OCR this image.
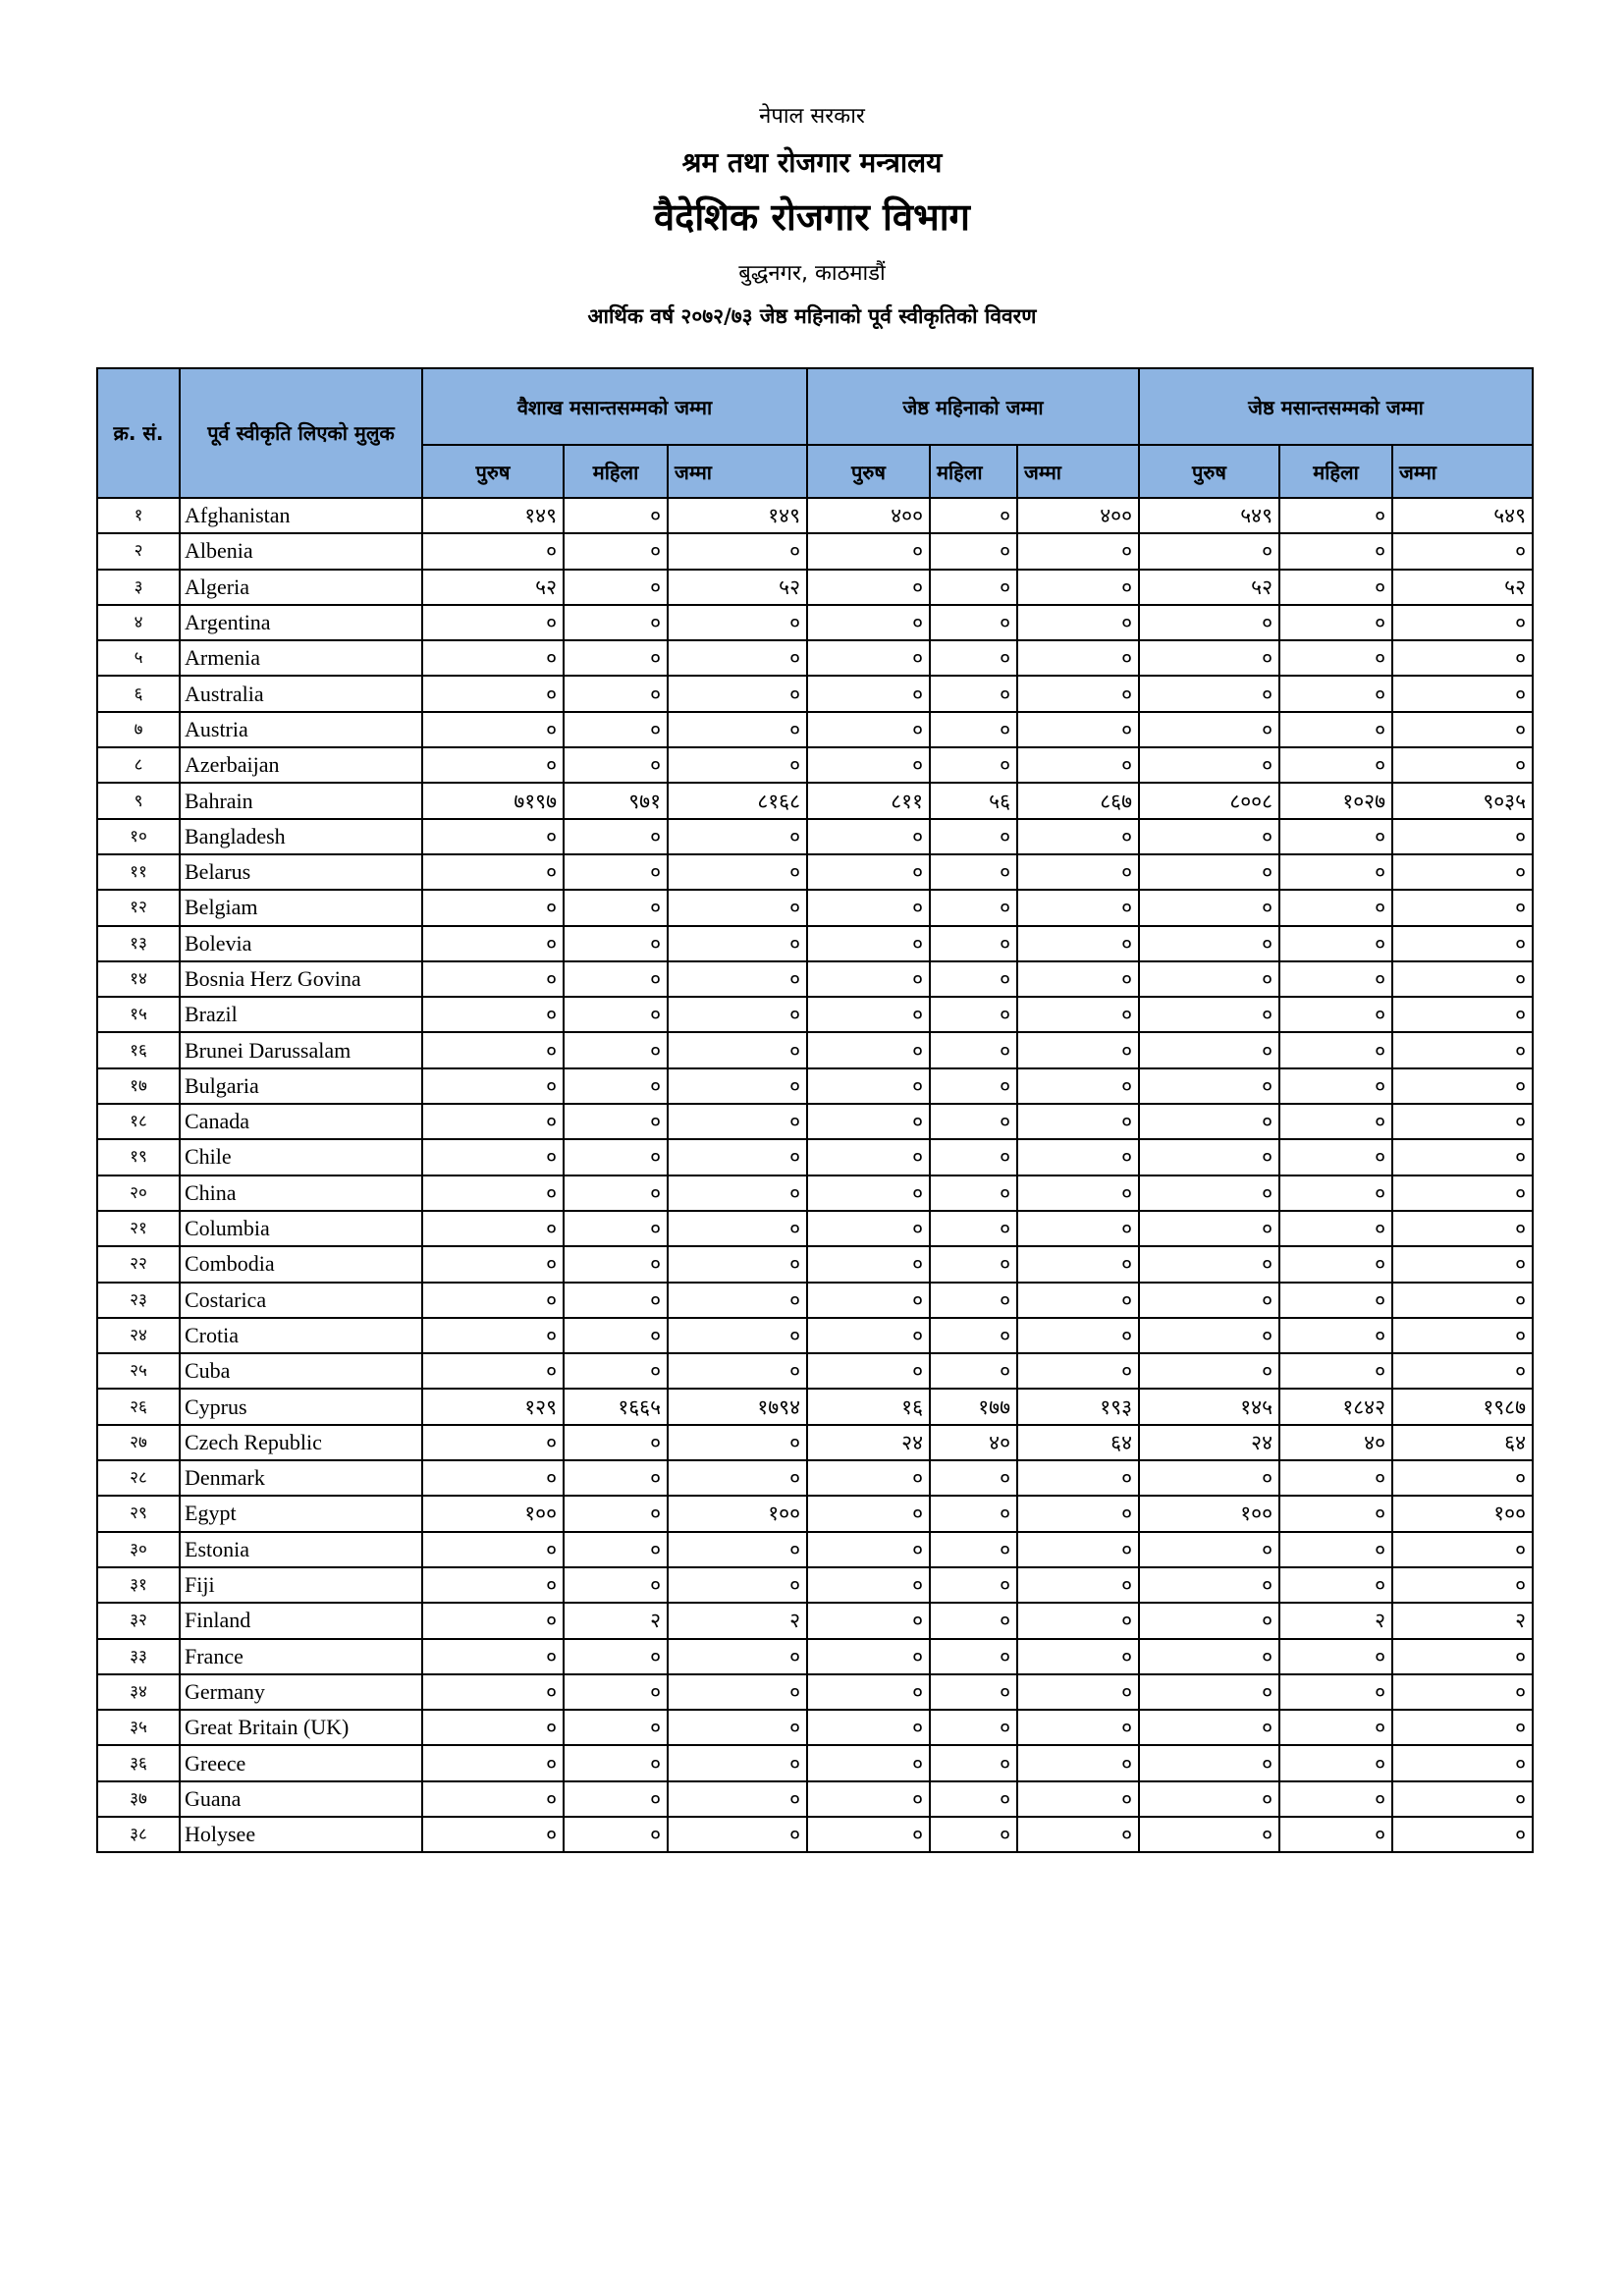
नेपाल सरकार
श्रम तथा रोजगार मन्त्रालय
वैदेशिक रोजगार विभाग
बुद्धनगर, काठमाडौं
आर्थिक वर्ष २०७२/७३ जेष्ठ महिनाको पूर्व स्वीकृतिको विवरण
क्र. सं.	पूर्व स्वीकृति लिएको मुलुक	वैशाख मसान्तसम्मको जम्मा			जेष्ठ महिनाको जम्मा			जेष्ठ मसान्तसम्मको जम्मा		
		पुरुष	महिला	जम्मा	पुरुष	महिला	जम्मा	पुरुष	महिला	जम्मा
१	Afghanistan	१४९	०	१४९	४००	०	४००	५४९	०	५४९
२	Albenia	०	०	०	०	०	०	०	०	०
३	Algeria	५२	०	५२	०	०	०	५२	०	५२
४	Argentina	०	०	०	०	०	०	०	०	०
५	Armenia	०	०	०	०	०	०	०	०	०
६	Australia	०	०	०	०	०	०	०	०	०
७	Austria	०	०	०	०	०	०	०	०	०
८	Azerbaijan	०	०	०	०	०	०	०	०	०
९	Bahrain	७१९७	९७१	८१६८	८११	५६	८६७	८००८	१०२७	९०३५
१०	Bangladesh	०	०	०	०	०	०	०	०	०
११	Belarus	०	०	०	०	०	०	०	०	०
१२	Belgiam	०	०	०	०	०	०	०	०	०
१३	Bolevia	०	०	०	०	०	०	०	०	०
१४	Bosnia Herz Govina	०	०	०	०	०	०	०	०	०
१५	Brazil	०	०	०	०	०	०	०	०	०
१६	Brunei Darussalam	०	०	०	०	०	०	०	०	०
१७	Bulgaria	०	०	०	०	०	०	०	०	०
१८	Canada	०	०	०	०	०	०	०	०	०
१९	Chile	०	०	०	०	०	०	०	०	०
२०	China	०	०	०	०	०	०	०	०	०
२१	Columbia	०	०	०	०	०	०	०	०	०
२२	Combodia	०	०	०	०	०	०	०	०	०
२३	Costarica	०	०	०	०	०	०	०	०	०
२४	Crotia	०	०	०	०	०	०	०	०	०
२५	Cuba	०	०	०	०	०	०	०	०	०
२६	Cyprus	१२९	१६६५	१७९४	१६	१७७	१९३	१४५	१८४२	१९८७
२७	Czech Republic	०	०	०	२४	४०	६४	२४	४०	६४
२८	Denmark	०	०	०	०	०	०	०	०	०
२९	Egypt	१००	०	१००	०	०	०	१००	०	१००
३०	Estonia	०	०	०	०	०	०	०	०	०
३१	Fiji	०	०	०	०	०	०	०	०	०
३२	Finland	०	२	२	०	०	०	०	२	२
३३	France	०	०	०	०	०	०	०	०	०
३४	Germany	०	०	०	०	०	०	०	०	०
३५	Great Britain (UK)	०	०	०	०	०	०	०	०	०
३६	Greece	०	०	०	०	०	०	०	०	०
३७	Guana	०	०	०	०	०	०	०	०	०
३८	Holysee	०	०	०	०	०	०	०	०	०
